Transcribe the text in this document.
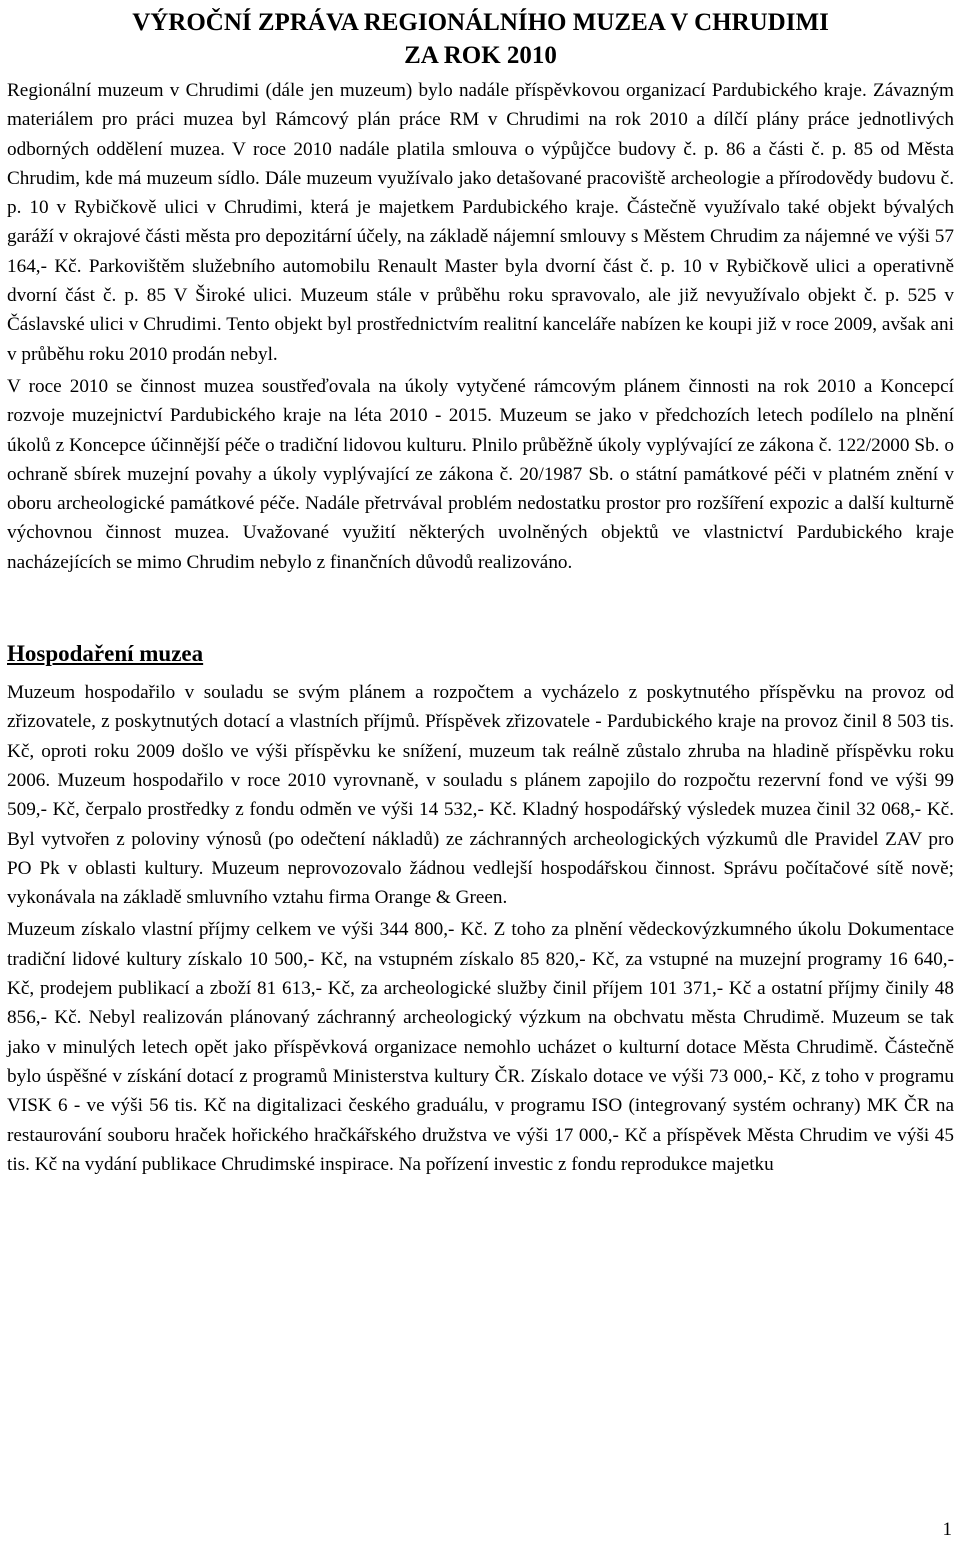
VÝROČNÍ ZPRÁVA REGIONÁLNÍHO MUZEA V CHRUDIMI
ZA ROK 2010

Regionální muzeum v Chrudimi (dále jen muzeum) bylo nadále příspěvkovou organizací Pardubického kraje. Závazným materiálem pro práci muzea byl Rámcový plán práce RM v Chrudimi na rok 2010 a dílčí plány práce jednotlivých odborných oddělení muzea. V roce 2010 nadále platila smlouva o výpůjčce budovy č. p. 86 a části č. p. 85 od Města Chrudim, kde má muzeum sídlo. Dále muzeum využívalo jako detašované pracoviště archeologie a přírodovědy budovu č. p. 10 v Rybičkově ulici v Chrudimi, která je majetkem Pardubického kraje. Částečně využívalo také objekt bývalých garáží v okrajové části města pro depozitární účely, na základě nájemní smlouvy s Městem Chrudim za nájemné ve výši 57 164,- Kč. Parkovištěm služebního automobilu Renault Master byla dvorní část č. p. 10 v Rybičkově ulici a operativně dvorní část č. p. 85 V Široké ulici. Muzeum stále v průběhu roku spravovalo, ale již nevyužívalo objekt č. p. 525 v Čáslavské ulici v Chrudimi. Tento objekt byl prostřednictvím realitní kanceláře nabízen ke koupi již v roce 2009, avšak ani v průběhu roku 2010 prodán nebyl.

V roce 2010 se činnost muzea soustřeďovala na úkoly vytyčené rámcovým plánem činnosti na rok 2010 a Koncepcí rozvoje muzejnictví Pardubického kraje na léta 2010 - 2015. Muzeum se jako v předchozích letech podílelo na plnění úkolů z Koncepce účinnější péče o tradiční lidovou kulturu. Plnilo průběžně úkoly vyplývající ze zákona č. 122/2000 Sb. o ochraně sbírek muzejní povahy a úkoly vyplývající ze zákona č. 20/1987 Sb. o státní památkové péči v platném znění v oboru archeologické památkové péče. Nadále přetrvával problém nedostatku prostor pro rozšíření expozic a další kulturně výchovnou činnost muzea. Uvažované využití některých uvolněných objektů ve vlastnictví Pardubického kraje nacházejících se mimo Chrudim nebylo z finančních důvodů realizováno.

Hospodaření muzea

Muzeum hospodařilo v souladu se svým plánem a rozpočtem a vycházelo z poskytnutého příspěvku na provoz od zřizovatele, z poskytnutých dotací a vlastních příjmů. Příspěvek zřizovatele - Pardubického kraje na provoz činil 8 503 tis. Kč, oproti roku 2009 došlo ve výši příspěvku ke snížení, muzeum tak reálně zůstalo zhruba na hladině příspěvku roku 2006. Muzeum hospodařilo v roce 2010 vyrovnaně, v souladu s plánem zapojilo do rozpočtu rezervní fond ve výši 99 509,- Kč, čerpalo prostředky z fondu odměn ve výši 14 532,- Kč. Kladný hospodářský výsledek muzea činil 32 068,- Kč. Byl vytvořen z poloviny výnosů (po odečtení nákladů) ze záchranných archeologických výzkumů dle Pravidel ZAV pro PO Pk v oblasti kultury. Muzeum neprovozovalo žádnou vedlejší hospodářskou činnost. Správu počítačové sítě nově; vykonávala na základě smluvního vztahu firma Orange & Green.

Muzeum získalo vlastní příjmy celkem ve výši 344 800,- Kč. Z toho za plnění vědeckovýzkumného úkolu Dokumentace tradiční lidové kultury získalo 10 500,- Kč, na vstupném získalo 85 820,- Kč, za vstupné na muzejní programy 16 640,- Kč, prodejem publikací a zboží 81 613,- Kč, za archeologické služby činil příjem 101 371,- Kč a ostatní příjmy činily 48 856,- Kč. Nebyl realizován plánovaný záchranný archeologický výzkum na obchvatu města Chrudimě. Muzeum se tak jako v minulých letech opět jako příspěvková organizace nemohlo ucházet o kulturní dotace Města Chrudimě. Částečně bylo úspěšné v získání dotací z programů Ministerstva kultury ČR. Získalo dotace ve výši 73 000,- Kč, z toho v programu VISK 6 - ve výši 56 tis. Kč na digitalizaci českého graduálu, v programu ISO (integrovaný systém ochrany) MK ČR na restaurování souboru hraček hořického hračkářského družstva ve výši 17 000,- Kč a příspěvek Města Chrudim ve výši 45 tis. Kč na vydání publikace Chrudimské inspirace. Na pořízení investic z fondu reprodukce majetku

1
